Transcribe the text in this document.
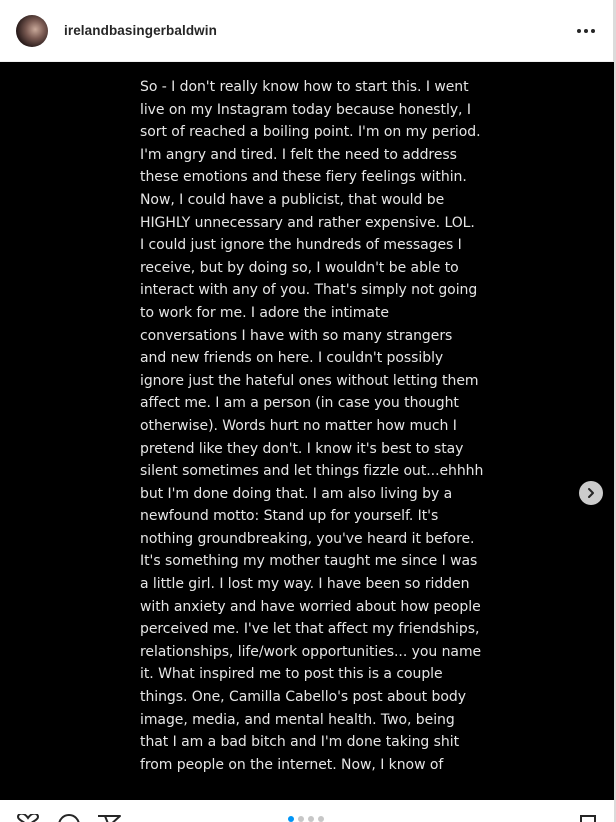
irelandbasingerbaldwin
So - I don't really know how to start this. I went
live on my Instagram today because honestly, I
sort of reached a boiling point. I'm on my period.
I'm angry and tired. I felt the need to address
these emotions and these fiery feelings within.
Now, I could have a publicist, that would be
HIGHLY unnecessary and rather expensive. LOL.
I could just ignore the hundreds of messages I
receive, but by doing so, I wouldn't be able to
interact with any of you. That's simply not going
to work for me. I adore the intimate
conversations I have with so many strangers
and new friends on here. I couldn't possibly
ignore just the hateful ones without letting them
affect me. I am a person (in case you thought
otherwise). Words hurt no matter how much I
pretend like they don't. I know it's best to stay
silent sometimes and let things fizzle out...ehhhh
but I'm done doing that. I am also living by a
newfound motto: Stand up for yourself. It's
nothing groundbreaking, you've heard it before.
It's something my mother taught me since I was
a little girl. I lost my way. I have been so ridden
with anxiety and have worried about how people
perceived me. I've let that affect my friendships,
relationships, life/work opportunities... you name
it. What inspired me to post this is a couple
things. One, Camilla Cabello's post about body
image, media, and mental health. Two, being
that I am a bad bitch and I'm done taking shit
from people on the internet. Now, I know of
